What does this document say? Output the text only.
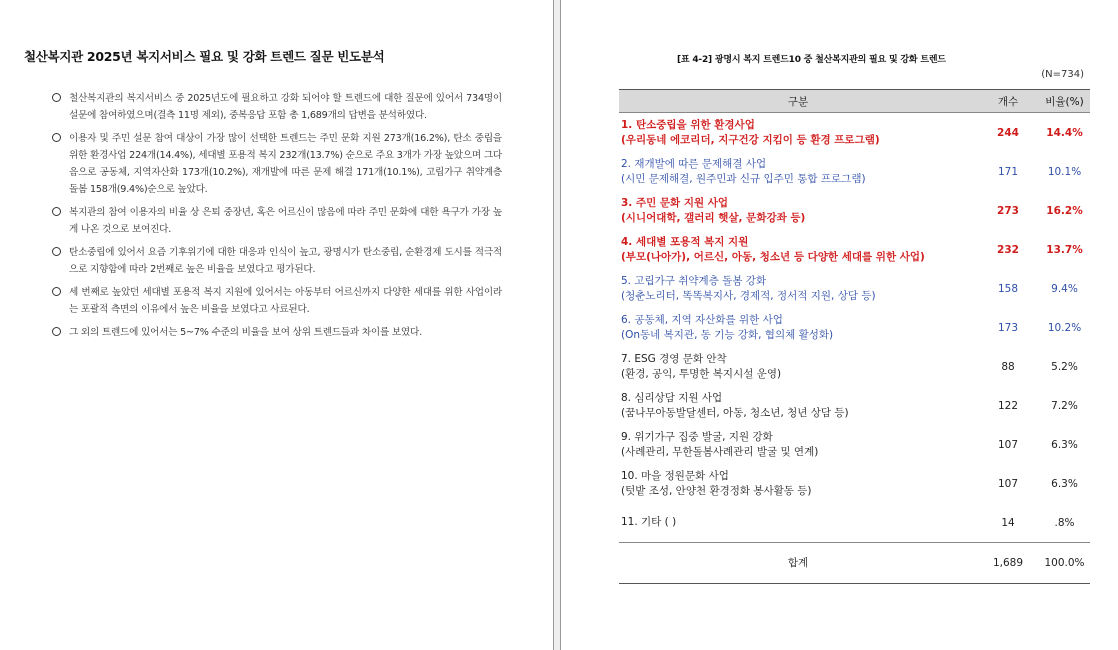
철산복지관 2025년 복지서비스 필요 및 강화 트렌드 질문 빈도분석
철산복지관의 복지서비스 중 2025년도에 필요하고 강화 되어야 할 트렌드에 대한 질문에 있어서 734명이 설문에 참여하였으며(결측 11명 제외), 중복응답 포함 총 1,689개의 답변을 분석하였다.
이용자 및 주민 설문 참여 대상이 가장 많이 선택한 트렌드는 주민 문화 지원 273개(16.2%), 탄소 중립을 위한 환경사업 224개(14.4%), 세대별 포용적 복지 232개(13.7%) 순으로 주요 3개가 가장 높았으며 그다음으로 공동체, 지역자산화 173개(10.2%), 재개발에 따른 문제 해결 171개(10.1%), 고립가구 취약계층 돌봄 158개(9.4%)순으로 높았다.
복지관의 참여 이용자의 비율 상 은퇴 중장년, 혹은 어르신이 많음에 따라 주민 문화에 대한 욕구가 가장 높게 나온 것으로 보여진다.
탄소중립에 있어서 요즘 기후위기에 대한 대응과 인식이 높고, 광명시가 탄소중립, 순환경제 도시를 적극적으로 지향함에 따라 2번째로 높은 비율을 보였다고 평가된다.
세 번째로 높았던 세대별 포용적 복지 지원에 있어서는 아동부터 어르신까지 다양한 세대를 위한 사업이라는 포괄적 측면의 이유에서 높은 비율을 보였다고 사료된다.
그 외의 트렌드에 있어서는 5~7% 수준의 비율을 보여 상위 트렌드들과 차이를 보였다.
[표 4-2] 광명시 복지 트렌드10 중 철산복지관의 필요 및 강화 트렌드
(N=734)
구분	개수	비율(%)

1. 탄소중립을 위한 환경사업
(우리동네 에코리더, 지구건강 지킴이 등 환경 프로그램)	244	14.4%

2. 재개발에 따른 문제해결 사업
(시민 문제해결, 원주민과 신규 입주민 통합 프로그램)	171	10.1%

3. 주민 문화 지원 사업
(시니어대학, 갤러리 햇살, 문화강좌 등)	273	16.2%

4. 세대별 포용적 복지 지원
(부모(나아가), 어르신, 아동, 청소년 등 다양한 세대를 위한 사업)	232	13.7%

5. 고립가구 취약계층 돌봄 강화
(청춘노리터, 똑똑복지사, 경제적, 정서적 지원, 상담 등)	158	9.4%

6. 공동체, 지역 자산화를 위한 사업
(On동네 복지관, 동 기능 강화, 협의체 활성화)	173	10.2%

7. ESG 경영 문화 안착
(환경, 공익, 투명한 복지시설 운영)	88	5.2%

8. 심리상담 지원 사업
(꿈나무아동발달센터, 아동, 청소년, 청년 상담 등)	122	7.2%

9. 위기가구 집중 발굴, 지원 강화
(사례관리, 무한돌봄사례관리 발굴 및 연계)	107	6.3%

10. 마을 정원문화 사업
(텃밭 조성, 안양천 환경정화 봉사활동 등)	107	6.3%

11. 기타 ( )	14	.8%
합계	1,689	100.0%
